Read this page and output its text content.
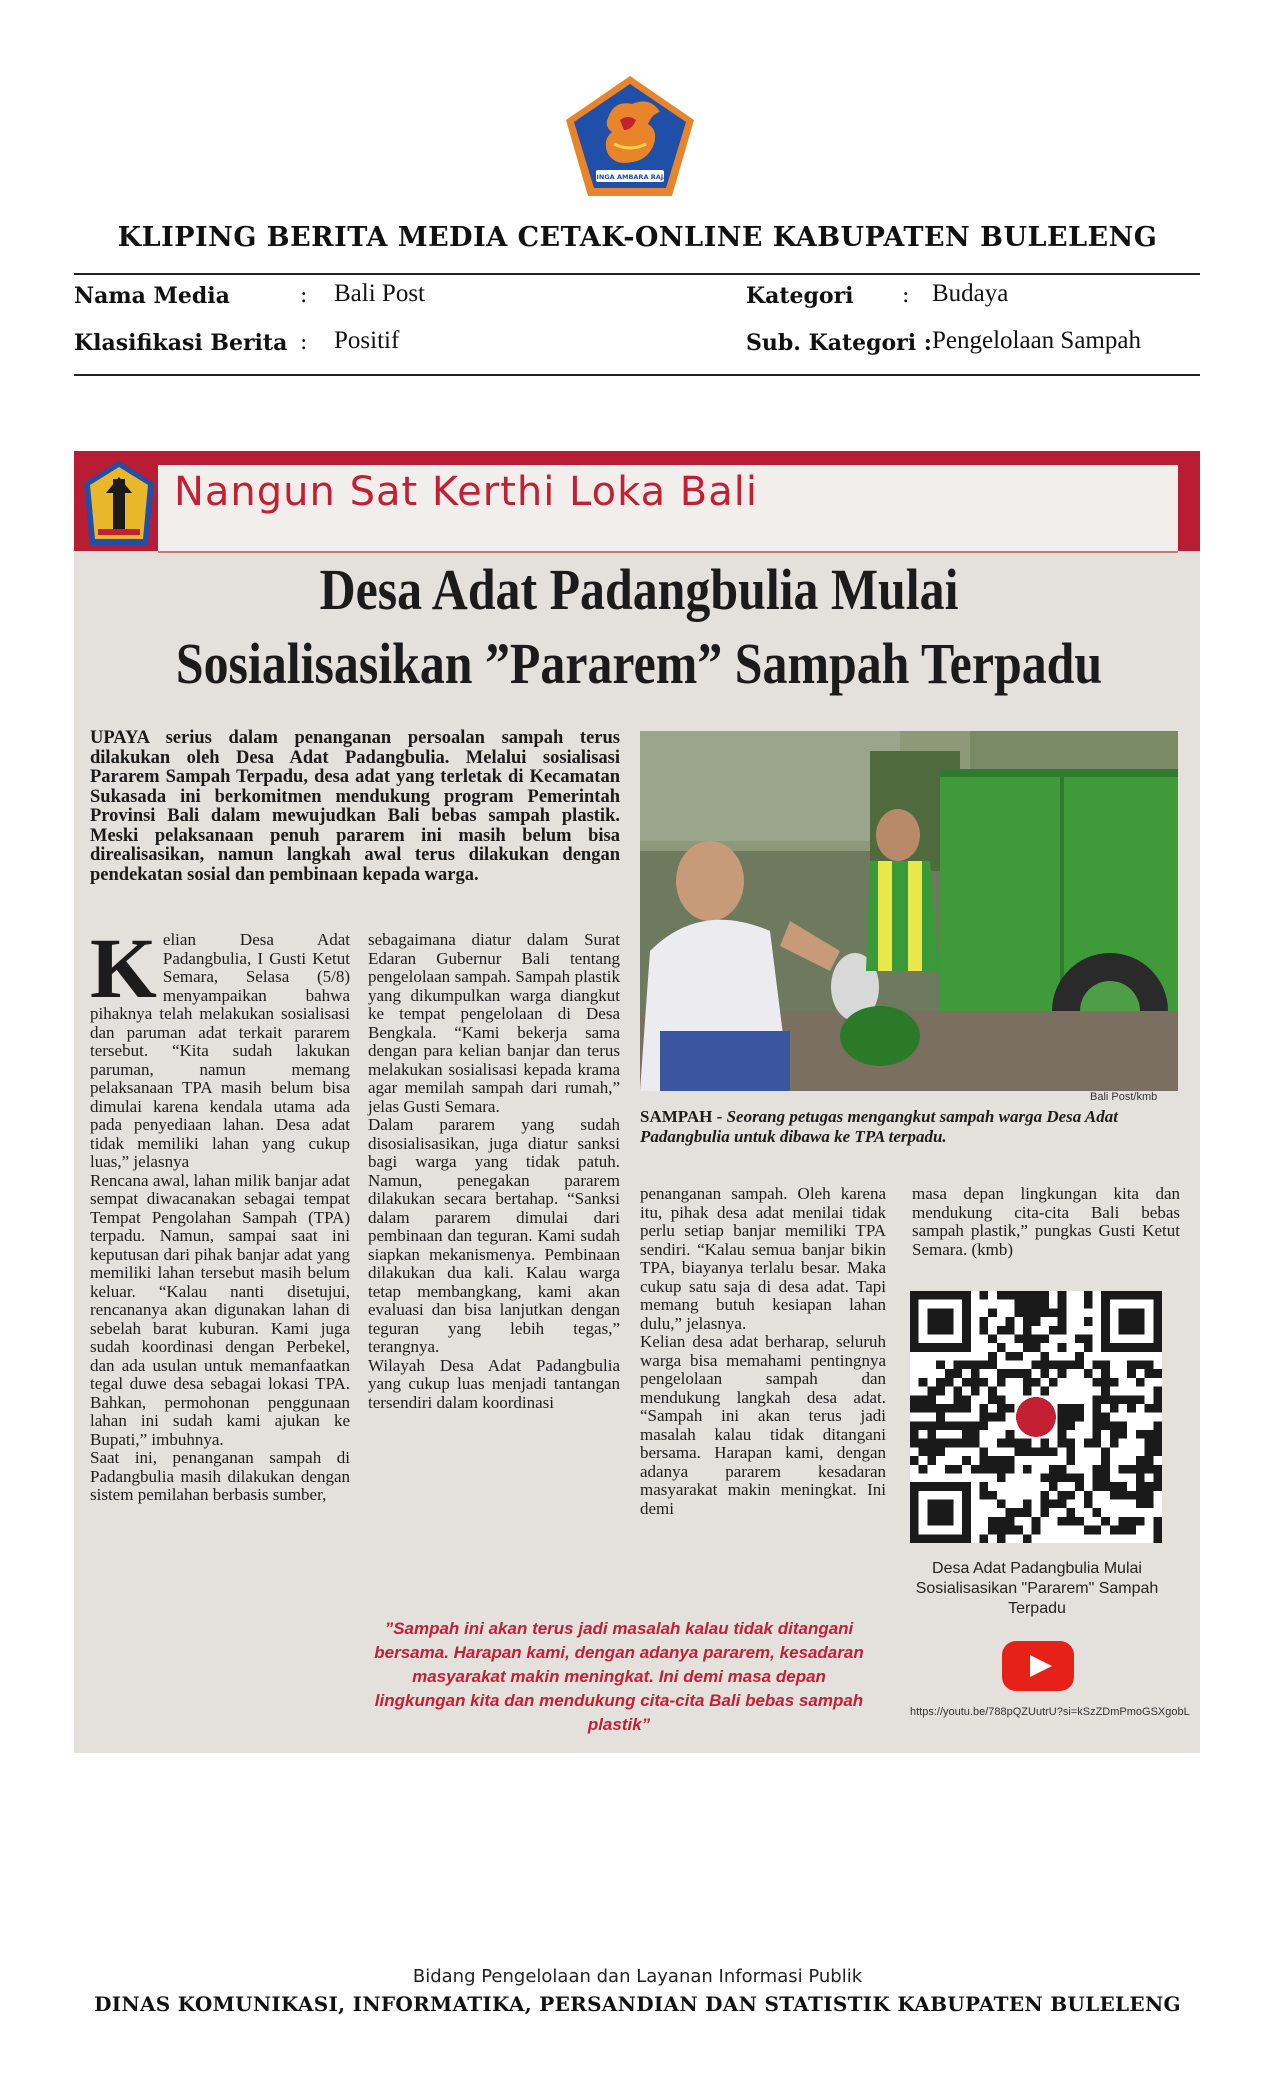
SINGA AMBARA RAJA
KLIPING BERITA MEDIA CETAK-ONLINE KABUPATEN BULELENG
Nama Media	: Bali Post	Kategori : Budaya
Klasifikasi Berita : Positif	Sub. Kategori : Pengelolaan Sampah
Nangun Sat Kerthi Loka Bali
Desa Adat Padangbulia Mulai
Sosialisasikan ”Pararem” Sampah Terpadu
UPAYA serius dalam penanganan persoalan sampah terus dilakukan oleh Desa Adat Padangbulia. Melalui sosialisasi Pararem Sampah Terpadu, desa adat yang terletak di Kecamatan Sukasada ini berkomitmen mendukung program Pemerintah Provinsi Bali dalam mewujudkan Bali bebas sampah plastik. Meski pelaksanaan penuh pararem ini masih belum bisa direalisasikan, namun langkah awal terus dilakukan dengan pendekatan sosial dan pembinaan kepada warga.
Bali Post/kmb
SAMPAH - Seorang petugas mengangkut sampah warga Desa Adat Padangbulia untuk dibawa ke TPA terpadu.
Kelian Desa Adat Padangbulia, I Gusti Ketut Semara, Selasa (5/8) menyampaikan bahwa pihaknya telah melakukan sosialisasi dan paruman adat terkait pararem tersebut. “Kita sudah lakukan paruman, namun memang pelaksanaan TPA masih belum bisa dimulai karena kendala utama ada pada penyediaan lahan. Desa adat tidak memiliki lahan yang cukup luas,” jelasnya
Rencana awal, lahan milik banjar adat sempat diwacanakan sebagai tempat Tempat Pengolahan Sampah (TPA) terpadu. Namun, sampai saat ini keputusan dari pihak banjar adat yang memiliki lahan tersebut masih belum keluar. “Kalau nanti disetujui, rencananya akan digunakan lahan di sebelah barat kuburan. Kami juga sudah koordinasi dengan Perbekel, dan ada usulan untuk memanfaatkan tegal duwe desa sebagai lokasi TPA. Bahkan, permohonan penggunaan lahan ini sudah kami ajukan ke Bupati,” imbuhnya.
Saat ini, penanganan sampah di Padangbulia masih dilakukan dengan sistem pemilahan berbasis sumber,
sebagaimana diatur dalam Surat Edaran Gubernur Bali tentang pengelolaan sampah. Sampah plastik yang dikumpulkan warga diangkut ke tempat pengelolaan di Desa Bengkala. “Kami bekerja sama dengan para kelian banjar dan terus melakukan sosialisasi kepada krama agar memilah sampah dari rumah,” jelas Gusti Semara.
Dalam pararem yang sudah disosialisasikan, juga diatur sanksi bagi warga yang tidak patuh. Namun, penegakan pararem dilakukan secara bertahap. “Sanksi dalam pararem dimulai dari pembinaan dan teguran. Kami sudah siapkan mekanismenya. Pembinaan dilakukan dua kali. Kalau warga tetap membangkang, kami akan evaluasi dan bisa lanjutkan dengan teguran yang lebih tegas,” terangnya.
Wilayah Desa Adat Padangbulia yang cukup luas menjadi tantangan tersendiri dalam koordinasi
penanganan sampah. Oleh karena itu, pihak desa adat menilai tidak perlu setiap banjar memiliki TPA sendiri. “Kalau semua banjar bikin TPA, biayanya terlalu besar. Maka cukup satu saja di desa adat. Tapi memang butuh kesiapan lahan dulu,” jelasnya.
Kelian desa adat berharap, seluruh warga bisa memahami pentingnya pengelolaan sampah dan mendukung langkah desa adat. “Sampah ini akan terus jadi masalah kalau tidak ditangani bersama. Harapan kami, dengan adanya pararem kesadaran masyarakat makin meningkat. Ini demi
masa depan lingkungan kita dan mendukung cita-cita Bali bebas sampah plastik,” pungkas Gusti Ketut Semara. (kmb)
Desa Adat Padangbulia Mulai Sosialisasikan "Pararem" Sampah Terpadu
https://youtu.be/788pQZUutrU?si=kSzZDmPmoGSXgobL
”Sampah ini akan terus jadi masalah kalau tidak ditangani bersama. Harapan kami, dengan adanya pararem, kesadaran masyarakat makin meningkat. Ini demi masa depan lingkungan kita dan mendukung cita-cita Bali bebas sampah plastik”
Bidang Pengelolaan dan Layanan Informasi Publik
DINAS KOMUNIKASI, INFORMATIKA, PERSANDIAN DAN STATISTIK KABUPATEN BULELENG
